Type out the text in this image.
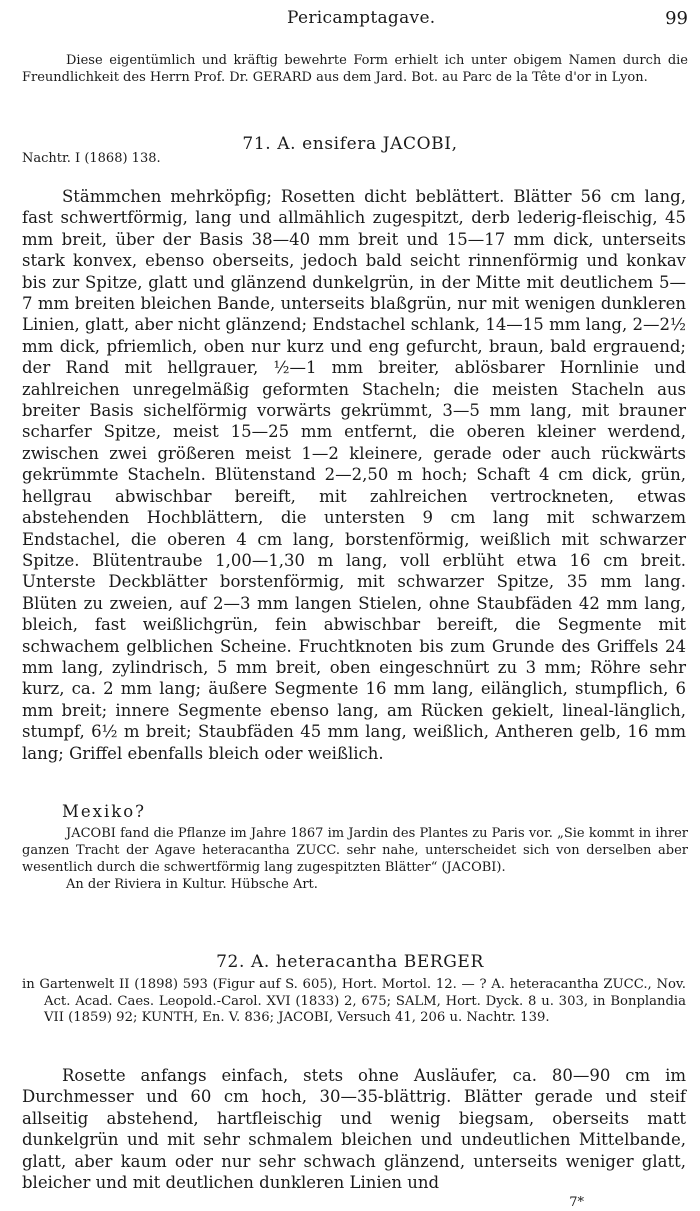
Pericamptagave.	99

Diese eigentümlich und kräftig bewehrte Form erhielt ich unter obigem Namen durch die Freundlichkeit des Herrn Prof. Dr. GERARD aus dem Jard. Bot. au Parc de la Tête d'or in Lyon.

71. A. ensifera JACOBI,
Nachtr. I (1868) 138.

Stämmchen mehrköpfig; Rosetten dicht beblättert. Blätter 56 cm lang, fast schwertförmig, lang und allmählich zugespitzt, derb lederig-fleischig, 45 mm breit, über der Basis 38—40 mm breit und 15—17 mm dick, unterseits stark konvex, ebenso oberseits, jedoch bald seicht rinnenförmig und konkav bis zur Spitze, glatt und glänzend dunkelgrün, in der Mitte mit deutlichem 5—7 mm breiten bleichen Bande, unterseits blaßgrün, nur mit wenigen dunkleren Linien, glatt, aber nicht glänzend; Endstachel schlank, 14—15 mm lang, 2—2½ mm dick, pfriemlich, oben nur kurz und eng gefurcht, braun, bald ergrauend; der Rand mit hellgrauer, ½—1 mm breiter, ablösbarer Hornlinie und zahlreichen unregelmäßig geformten Stacheln; die meisten Stacheln aus breiter Basis sichelförmig vorwärts gekrümmt, 3—5 mm lang, mit brauner scharfer Spitze, meist 15—25 mm entfernt, die oberen kleiner werdend, zwischen zwei größeren meist 1—2 kleinere, gerade oder auch rückwärts gekrümmte Stacheln. Blütenstand 2—2,50 m hoch; Schaft 4 cm dick, grün, hellgrau abwischbar bereift, mit zahlreichen vertrockneten, etwas abstehenden Hochblättern, die untersten 9 cm lang mit schwarzem Endstachel, die oberen 4 cm lang, borstenförmig, weißlich mit schwarzer Spitze. Blütentraube 1,00—1,30 m lang, voll erblüht etwa 16 cm breit. Unterste Deckblätter borstenförmig, mit schwarzer Spitze, 35 mm lang. Blüten zu zweien, auf 2—3 mm langen Stielen, ohne Staubfäden 42 mm lang, bleich, fast weißlichgrün, fein abwischbar bereift, die Segmente mit schwachem gelblichen Scheine. Fruchtknoten bis zum Grunde des Griffels 24 mm lang, zylindrisch, 5 mm breit, oben eingeschnürt zu 3 mm; Röhre sehr kurz, ca. 2 mm lang; äußere Segmente 16 mm lang, eilänglich, stumpflich, 6 mm breit; innere Segmente ebenso lang, am Rücken gekielt, lineal-länglich, stumpf, 6½ m breit; Staubfäden 45 mm lang, weißlich, Antheren gelb, 16 mm lang; Griffel ebenfalls bleich oder weißlich.

Mexiko?

JACOBI fand die Pflanze im Jahre 1867 im Jardin des Plantes zu Paris vor. „Sie kommt in ihrer ganzen Tracht der Agave heteracantha ZUCC. sehr nahe, unterscheidet sich von derselben aber wesentlich durch die schwertförmig lang zugespitzten Blätter“ (JACOBI).

An der Riviera in Kultur. Hübsche Art.

72. A. heteracantha BERGER

in Gartenwelt II (1898) 593 (Figur auf S. 605), Hort. Mortol. 12. — ? A. heteracantha ZUCC., Nov. Act. Acad. Caes. Leopold.-Carol. XVI (1833) 2, 675; SALM, Hort. Dyck. 8 u. 303, in Bonplandia VII (1859) 92; KUNTH, En. V. 836; JACOBI, Versuch 41, 206 u. Nachtr. 139.

Rosette anfangs einfach, stets ohne Ausläufer, ca. 80—90 cm im Durchmesser und 60 cm hoch, 30—35-blättrig. Blätter gerade und steif allseitig abstehend, hartfleischig und wenig biegsam, oberseits matt dunkelgrün und mit sehr schmalem bleichen und undeutlichen Mittelbande, glatt, aber kaum oder nur sehr schwach glänzend, unterseits weniger glatt, bleicher und mit deutlichen dunkleren Linien und

7*
